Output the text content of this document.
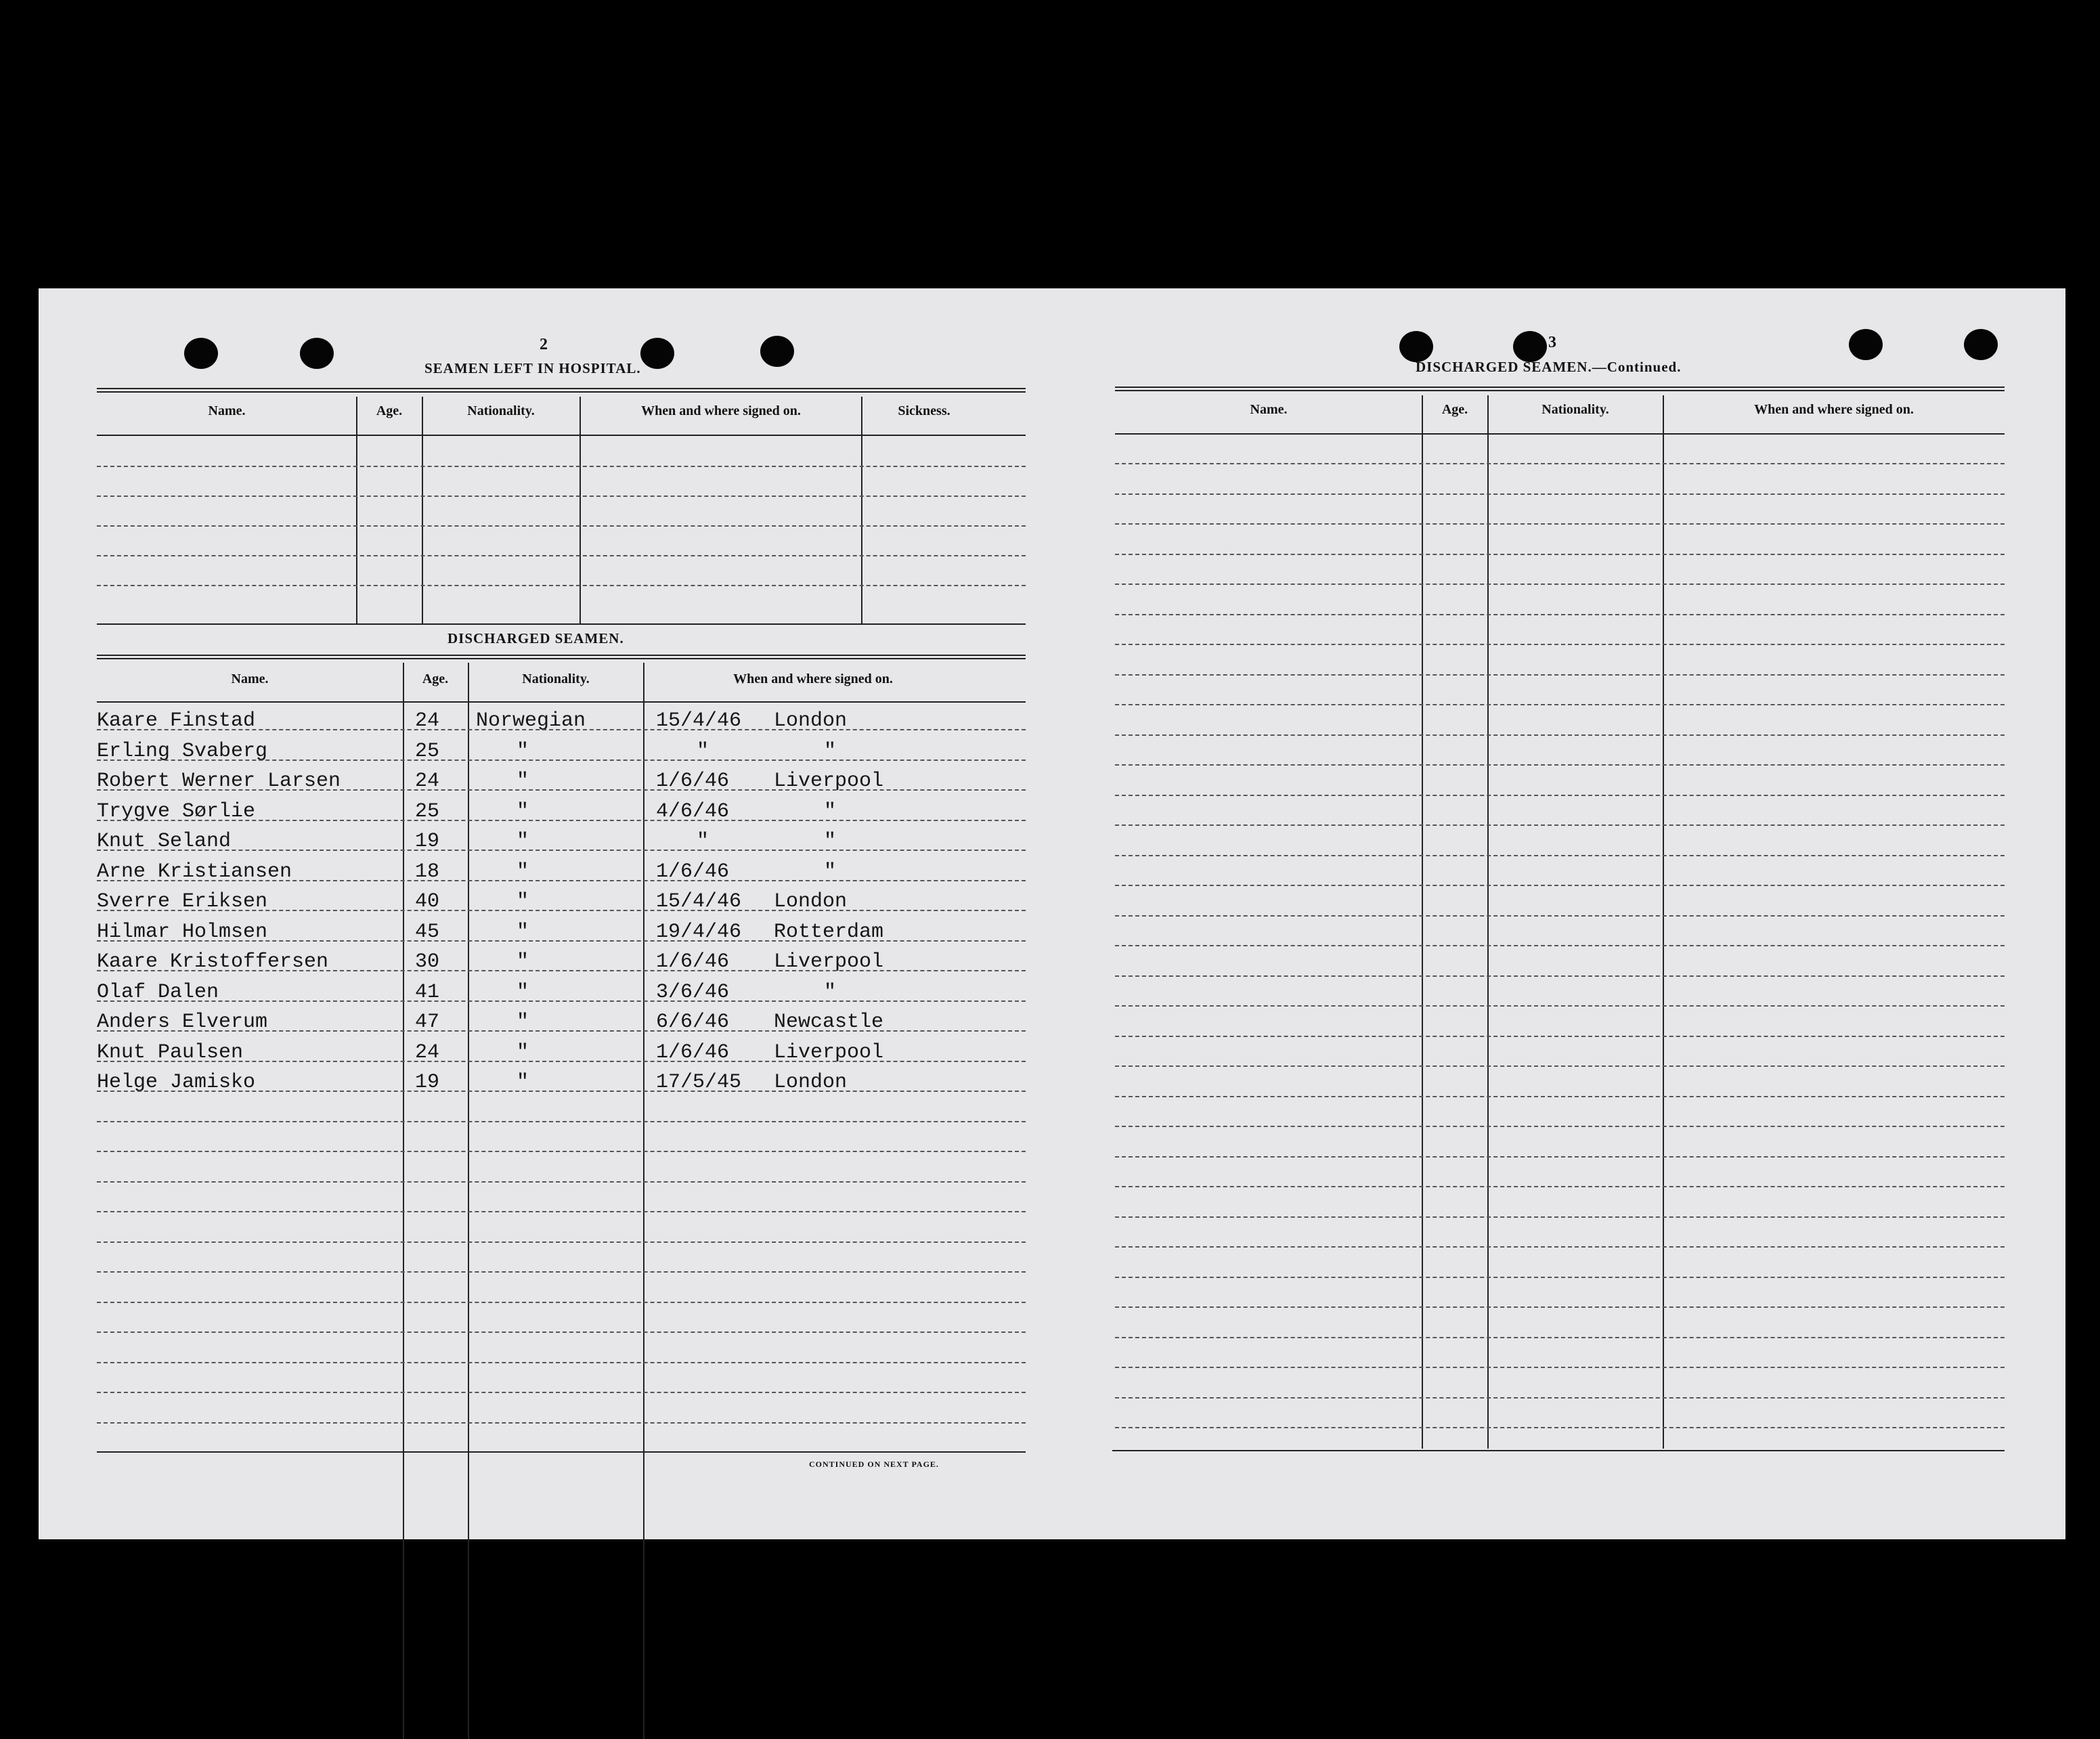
2
SEAMEN LEFT IN HOSPITAL.
Name.	Age.	Nationality.	When and where signed on.	Sickness.
DISCHARGED SEAMEN.
Name.	Age.	Nationality.	When and where signed on.
Kaare Finstad	24 Norwegian	15/4/46 London
Erling Svaberg	25	"	"	"
Robert Werner Larsen	24	"	1/6/46 Liverpool
Trygve Sørlie	25	"	4/6/46	"
Knut Seland	19	"	"	"
Arne Kristiansen	18	"	1/6/46	"
Sverre Eriksen	40	"	15/4/46 London
Hilmar Holmsen	45	"	19/4/46 Rotterdam
Kaare Kristoffersen	30	"	1/6/46 Liverpool
Olaf Dalen	41	"	3/6/46	"
Anders Elverum	47	"	6/6/46 Newcastle
Knut Paulsen	24	"	1/6/46 Liverpool
Helge Jamisko	19	"	17/5/45 London
CONTINUED ON NEXT PAGE.
3
DISCHARGED SEAMEN.—Continued.
Name.	Age.	Nationality.	When and where signed on.
